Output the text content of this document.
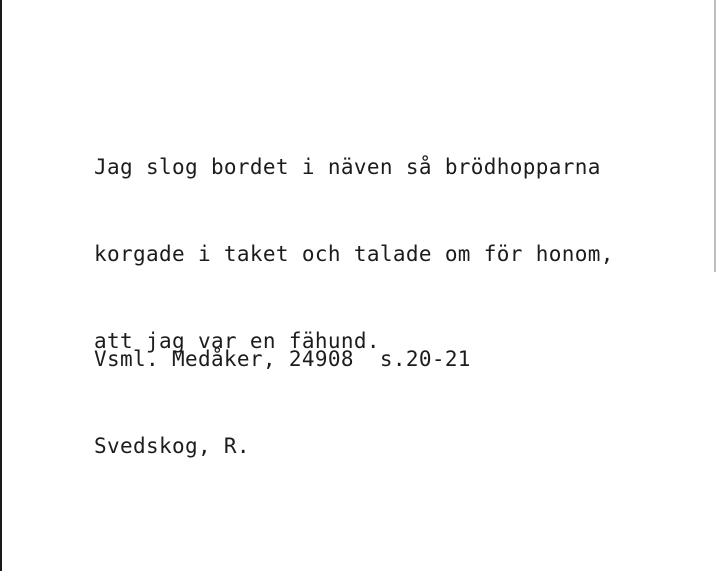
Jag slog bordet i näven så brödhopparna

korgade i taket och talade om för honom,

att jag var en fähund.

Vsml. Medåker, 24908  s.20-21

Svedskog, R.
